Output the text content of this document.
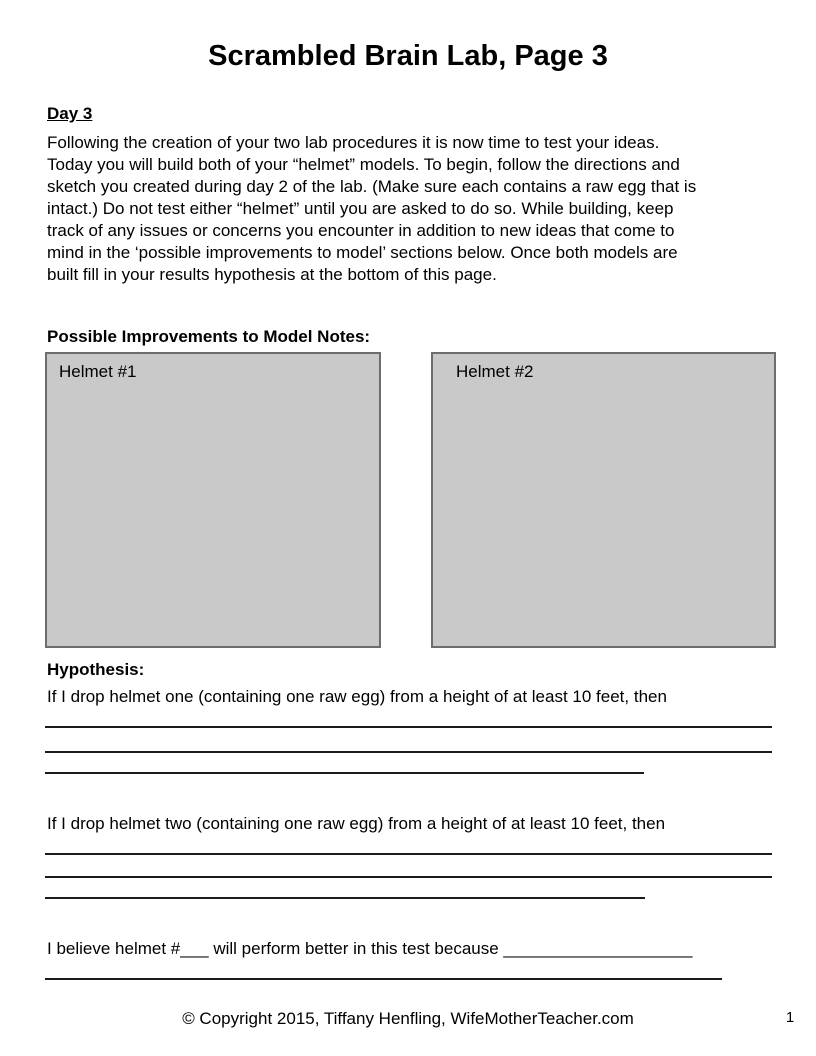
Scrambled Brain Lab, Page 3
Day 3
Following the creation of your two lab procedures it is now time to test your ideas.
Today you will build both of your “helmet” models. To begin, follow the directions and
sketch you created during day 2 of the lab. (Make sure each contains a raw egg that is
intact.) Do not test either “helmet” until you are asked to do so. While building, keep
track of any issues or concerns you encounter in addition to new ideas that come to
mind in the ‘possible improvements to model’ sections below. Once both models are
built fill in your results hypothesis at the bottom of this page.
Possible Improvements to Model Notes:
Helmet #1	Helmet #2
Hypothesis:
If I drop helmet one (containing one raw egg) from a height of at least 10 feet, then
If I drop helmet two (containing one raw egg) from a height of at least 10 feet, then
I believe helmet #___ will perform better in this test because ____________________
© Copyright 2015, Tiffany Henfling, WifeMotherTeacher.com	1
